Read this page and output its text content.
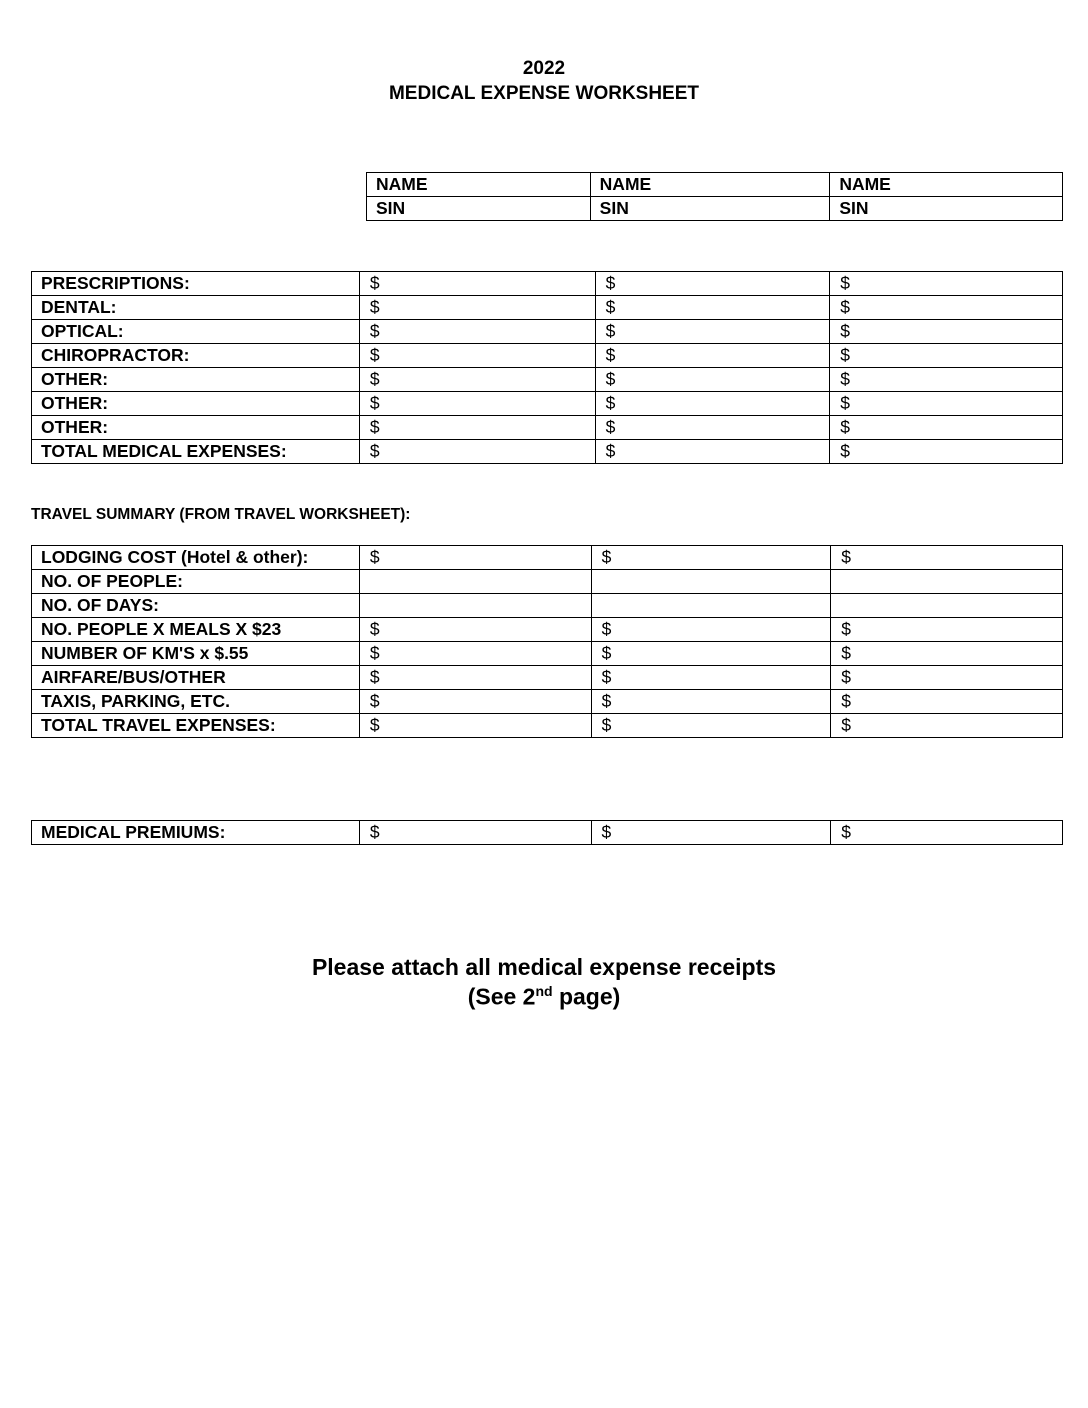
2022
MEDICAL EXPENSE WORKSHEET
NAME	NAME	NAME
SIN	SIN	SIN
PRESCRIPTIONS:	$	$	$
DENTAL:	$	$	$
OPTICAL:	$	$	$
CHIROPRACTOR:	$	$	$
OTHER:	$	$	$
OTHER:	$	$	$
OTHER:	$	$	$
TOTAL MEDICAL EXPENSES:	$	$	$
TRAVEL SUMMARY (FROM TRAVEL WORKSHEET):
LODGING COST (Hotel & other):	$	$	$
NO. OF PEOPLE:			
NO. OF DAYS:			
NO. PEOPLE X MEALS X $23	$	$	$
NUMBER OF KM'S x $.55	$	$	$
AIRFARE/BUS/OTHER	$	$	$
TAXIS, PARKING, ETC.	$	$	$
TOTAL TRAVEL EXPENSES:	$	$	$
MEDICAL PREMIUMS:	$	$	$
Please attach all medical expense receipts
(See 2nd page)
